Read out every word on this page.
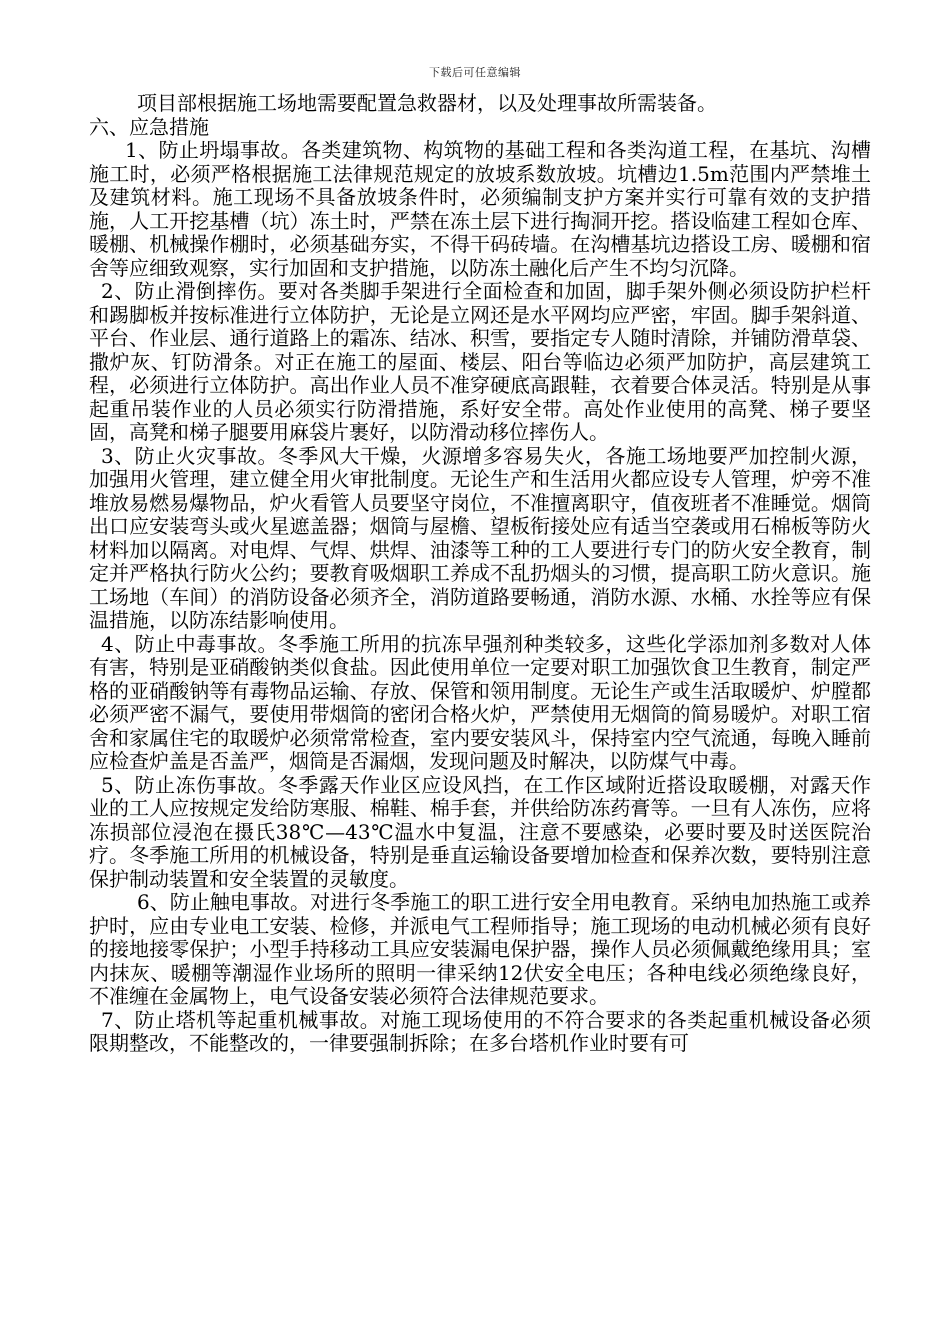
下载后可任意编辑

项目部根据施工场地需要配置急救器材，以及处理事故所需装备。

六、应急措施

1、防止坍塌事故。各类建筑物、构筑物的基础工程和各类沟道工程，在基坑、沟槽施工时，必须严格根据施工法律规范规定的放坡系数放坡。坑槽边1.5m范围内严禁堆土及建筑材料。施工现场不具备放坡条件时，必须编制支护方案并实行可靠有效的支护措施，人工开挖基槽（坑）冻土时，严禁在冻土层下进行掏洞开挖。搭设临建工程如仓库、暖棚、机械操作棚时，必须基础夯实，不得干码砖墙。在沟槽基坑边搭设工房、暖棚和宿舍等应细致观察，实行加固和支护措施，以防冻土融化后产生不均匀沉降。

2、防止滑倒摔伤。要对各类脚手架进行全面检查和加固，脚手架外侧必须设防护栏杆和踢脚板并按标准进行立体防护，无论是立网还是水平网均应严密，牢固。脚手架斜道、平台、作业层、通行道路上的霜冻、结冰、积雪，要指定专人随时清除，并铺防滑草袋、撒炉灰、钉防滑条。对正在施工的屋面、楼层、阳台等临边必须严加防护，高层建筑工程，必须进行立体防护。高出作业人员不准穿硬底高跟鞋，衣着要合体灵活。特别是从事起重吊装作业的人员必须实行防滑措施，系好安全带。高处作业使用的高凳、梯子要坚固，高凳和梯子腿要用麻袋片裹好，以防滑动移位摔伤人。

3、防止火灾事故。冬季风大干燥，火源增多容易失火，各施工场地要严加控制火源，加强用火管理，建立健全用火审批制度。无论生产和生活用火都应设专人管理，炉旁不准堆放易燃易爆物品，炉火看管人员要坚守岗位，不准擅离职守，值夜班者不准睡觉。烟筒出口应安装弯头或火星遮盖器；烟筒与屋檐、望板衔接处应有适当空袭或用石棉板等防火材料加以隔离。对电焊、气焊、烘焊、油漆等工种的工人要进行专门的防火安全教育，制定并严格执行防火公约；要教育吸烟职工养成不乱扔烟头的习惯，提高职工防火意识。施工场地（车间）的消防设备必须齐全，消防道路要畅通，消防水源、水桶、水拴等应有保温措施，以防冻结影响使用。

4、防止中毒事故。冬季施工所用的抗冻早强剂种类较多，这些化学添加剂多数对人体有害，特别是亚硝酸钠类似食盐。因此使用单位一定要对职工加强饮食卫生教育，制定严格的亚硝酸钠等有毒物品运输、存放、保管和领用制度。无论生产或生活取暖炉、炉膛都必须严密不漏气，要使用带烟筒的密闭合格火炉，严禁使用无烟筒的简易暖炉。对职工宿舍和家属住宅的取暖炉必须常常检查，室内要安装风斗，保持室内空气流通，每晚入睡前应检查炉盖是否盖严，烟筒是否漏烟，发现问题及时解决，以防煤气中毒。

5、防止冻伤事故。冬季露天作业区应设风挡，在工作区域附近搭设取暖棚，对露天作业的工人应按规定发给防寒服、棉鞋、棉手套，并供给防冻药膏等。一旦有人冻伤，应将冻损部位浸泡在摄氏38℃—43℃温水中复温，注意不要感染，必要时要及时送医院治疗。冬季施工所用的机械设备，特别是垂直运输设备要增加检查和保养次数，要特别注意保护制动装置和安全装置的灵敏度。

6、防止触电事故。对进行冬季施工的职工进行安全用电教育。采纳电加热施工或养护时，应由专业电工安装、检修，并派电气工程师指导；施工现场的电动机械必须有良好的接地接零保护；小型手持移动工具应安装漏电保护器，操作人员必须佩戴绝缘用具；室内抹灰、暖棚等潮湿作业场所的照明一律采纳12伏安全电压；各种电线必须绝缘良好，不准缠在金属物上，电气设备安装必须符合法律规范要求。

7、防止塔机等起重机械事故。对施工现场使用的不符合要求的各类起重机械设备必须限期整改，不能整改的，一律要强制拆除；在多台塔机作业时要有可
